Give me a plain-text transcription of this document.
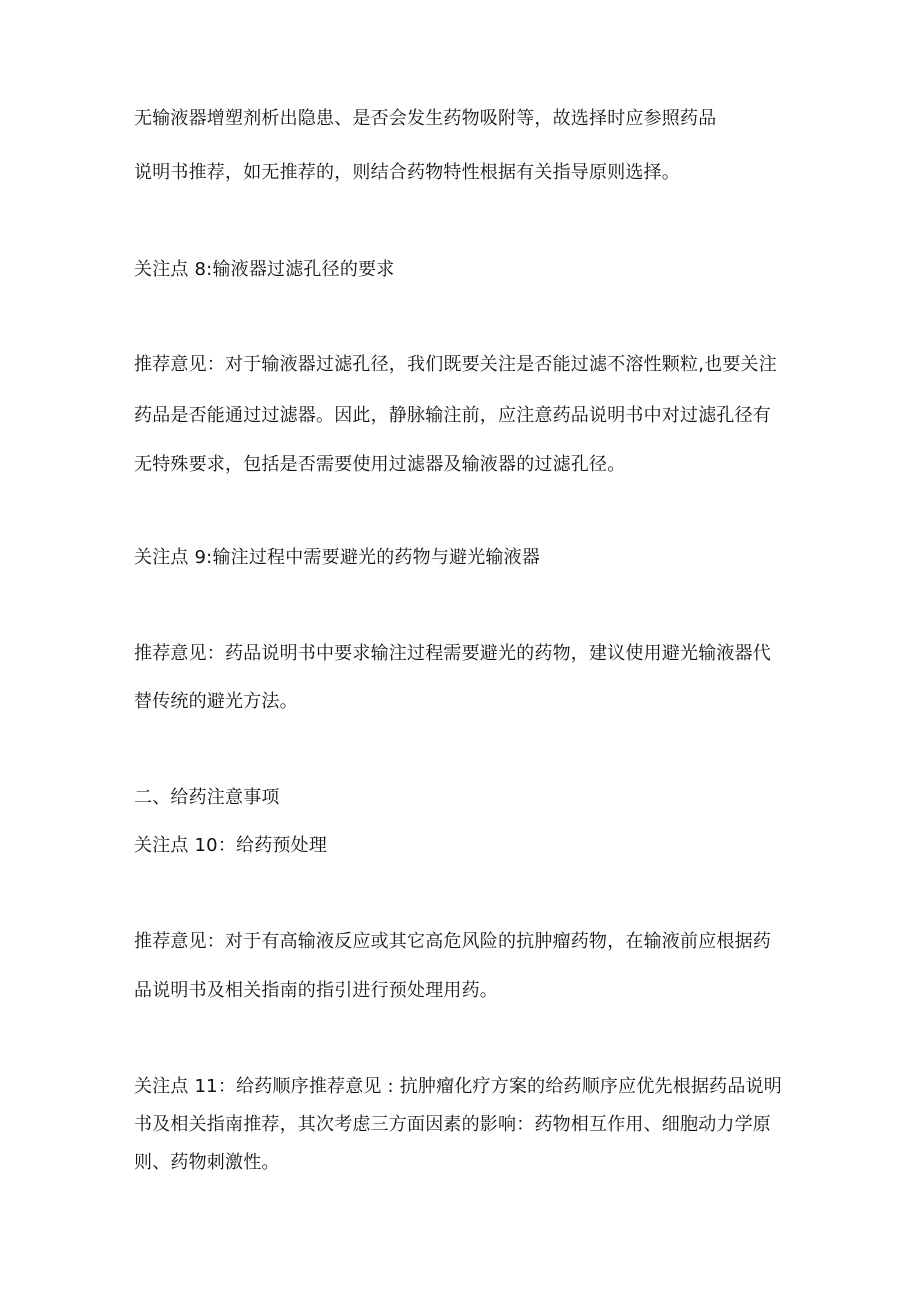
无输液器增塑剂析出隐患、是否会发生药物吸附等，故选择时应参照药品
说明书推荐，如无推荐的，则结合药物特性根据有关指导原则选择。
关注点 8:输液器过滤孔径的要求
推荐意见：对于输液器过滤孔径，我们既要关注是否能过滤不溶性颗粒,也要关注
药品是否能通过过滤器。因此，静脉输注前，应注意药品说明书中对过滤孔径有
无特殊要求，包括是否需要使用过滤器及输液器的过滤孔径。
关注点 9:输注过程中需要避光的药物与避光输液器
推荐意见：药品说明书中要求输注过程需要避光的药物，建议使用避光输液器代
替传统的避光方法。
二、给药注意事项
关注点 10：给药预处理
推荐意见：对于有高输液反应或其它高危风险的抗肿瘤药物，在输液前应根据药
品说明书及相关指南的指引进行预处理用药。
关注点 11：给药顺序推荐意见 : 抗肿瘤化疗方案的给药顺序应优先根据药品说明
书及相关指南推荐，其次考虑三方面因素的影响：药物相互作用、细胞动力学原
则、药物刺激性。
